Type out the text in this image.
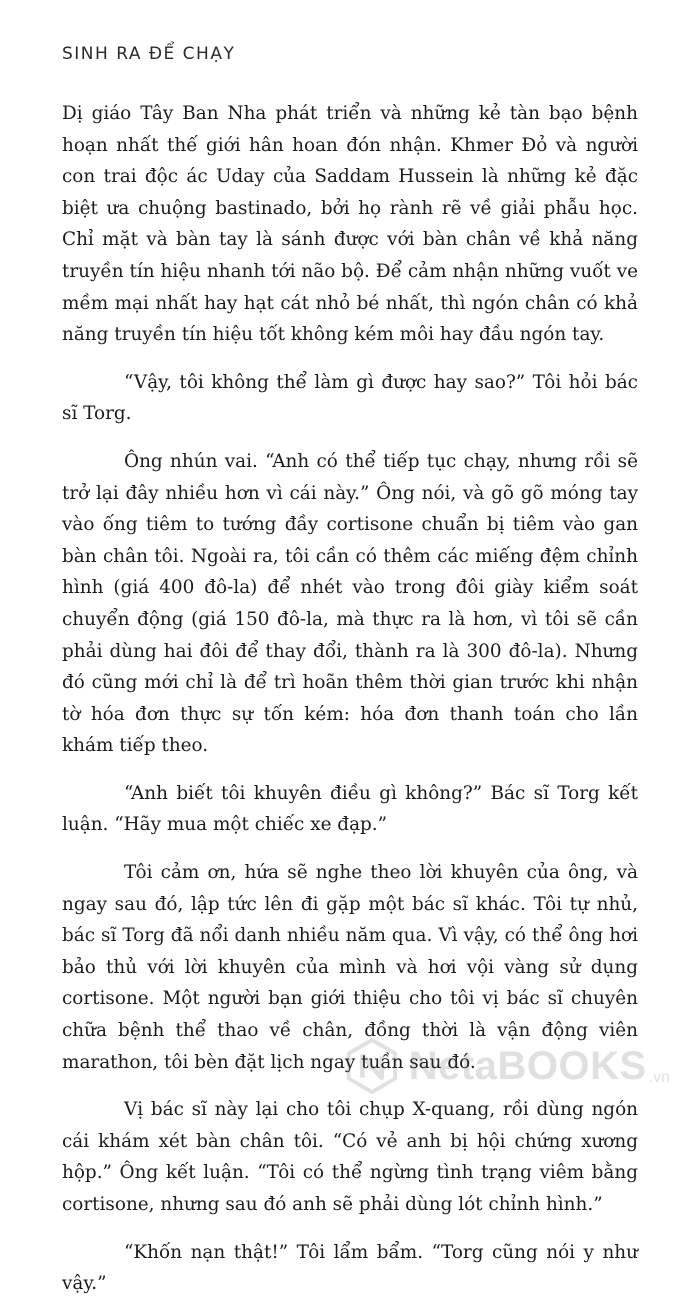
SINH RA ĐỂ CHẠY

Dị giáo Tây Ban Nha phát triển và những kẻ tàn bạo bệnh hoạn nhất thế giới hân hoan đón nhận. Khmer Đỏ và người con trai độc ác Uday của Saddam Hussein là những kẻ đặc biệt ưa chuộng bastinado, bởi họ rành rẽ về giải phẫu học. Chỉ mặt và bàn tay là sánh được với bàn chân về khả năng truyền tín hiệu nhanh tới não bộ. Để cảm nhận những vuốt ve mềm mại nhất hay hạt cát nhỏ bé nhất, thì ngón chân có khả năng truyền tín hiệu tốt không kém môi hay đầu ngón tay.

“Vậy, tôi không thể làm gì được hay sao?” Tôi hỏi bác sĩ Torg.

Ông nhún vai. “Anh có thể tiếp tục chạy, nhưng rồi sẽ trở lại đây nhiều hơn vì cái này.” Ông nói, và gõ gõ móng tay vào ống tiêm to tướng đầy cortisone chuẩn bị tiêm vào gan bàn chân tôi. Ngoài ra, tôi cần có thêm các miếng đệm chỉnh hình (giá 400 đô-la) để nhét vào trong đôi giày kiểm soát chuyển động (giá 150 đô-la, mà thực ra là hơn, vì tôi sẽ cần phải dùng hai đôi để thay đổi, thành ra là 300 đô-la). Nhưng đó cũng mới chỉ là để trì hoãn thêm thời gian trước khi nhận tờ hóa đơn thực sự tốn kém: hóa đơn thanh toán cho lần khám tiếp theo.

“Anh biết tôi khuyên điều gì không?” Bác sĩ Torg kết luận. “Hãy mua một chiếc xe đạp.”

Tôi cảm ơn, hứa sẽ nghe theo lời khuyên của ông, và ngay sau đó, lập tức lên đi gặp một bác sĩ khác. Tôi tự nhủ, bác sĩ Torg đã nổi danh nhiều năm qua. Vì vậy, có thể ông hơi bảo thủ với lời khuyên của mình và hơi vội vàng sử dụng cortisone. Một người bạn giới thiệu cho tôi vị bác sĩ chuyên chữa bệnh thể thao về chân, đồng thời là vận động viên marathon, tôi bèn đặt lịch ngay tuần sau đó.

Vị bác sĩ này lại cho tôi chụp X-quang, rồi dùng ngón cái khám xét bàn chân tôi. “Có vẻ anh bị hội chứng xương hộp.” Ông kết luận. “Tôi có thể ngừng tình trạng viêm bằng cortisone, nhưng sau đó anh sẽ phải dùng lót chỉnh hình.”

“Khốn nạn thật!” Tôi lẩm bẩm. “Torg cũng nói y như vậy.”

NetaBOOKS .vn
